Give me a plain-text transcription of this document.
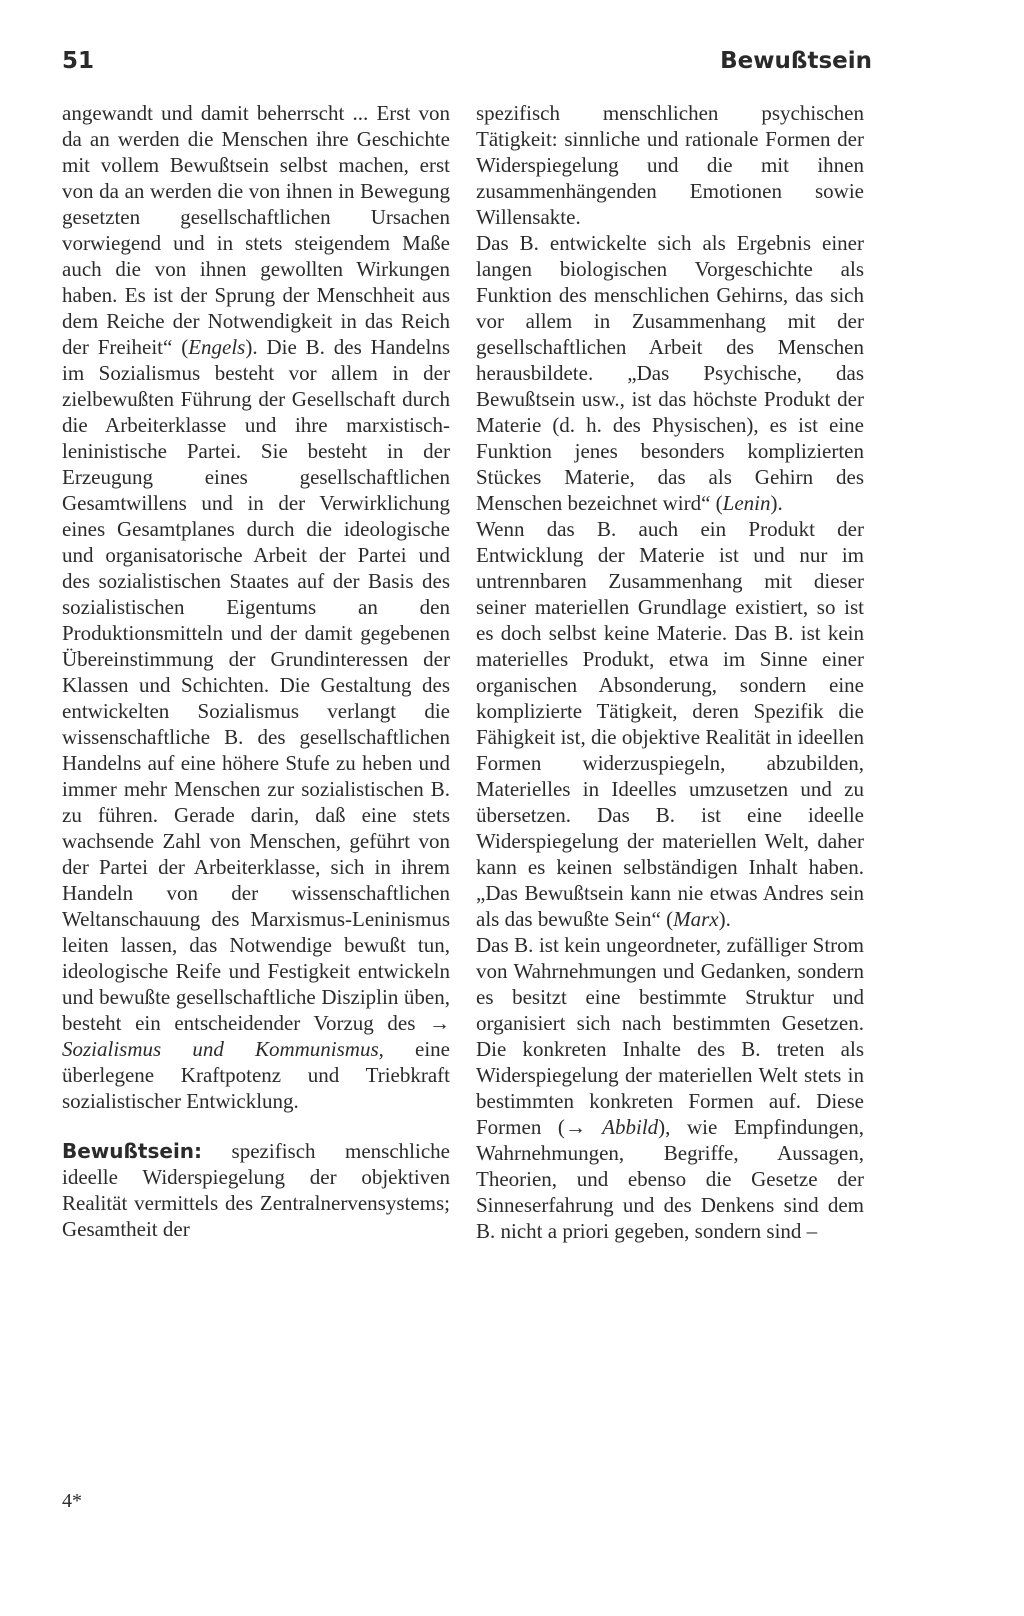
51	Bewußtsein

angewandt und damit beherrscht ... Erst von da an werden die Menschen ihre Geschichte mit vollem Bewußtsein selbst machen, erst von da an werden die von ihnen in Bewegung gesetzten gesellschaftlichen Ursachen vorwiegend und in stets steigendem Maße auch die von ihnen gewollten Wirkungen haben. Es ist der Sprung der Menschheit aus dem Reiche der Notwendigkeit in das Reich der Freiheit“ (Engels). Die B. des Handelns im Sozialismus besteht vor allem in der zielbewußten Führung der Gesellschaft durch die Arbeiterklasse und ihre marxistisch-leninistische Partei. Sie besteht in der Erzeugung eines gesellschaftlichen Gesamtwillens und in der Verwirklichung eines Gesamtplanes durch die ideologische und organisatorische Arbeit der Partei und des sozialistischen Staates auf der Basis des sozialistischen Eigentums an den Produktionsmitteln und der damit gegebenen Übereinstimmung der Grundinteressen der Klassen und Schichten. Die Gestaltung des entwickelten Sozialismus verlangt die wissenschaftliche B. des gesellschaftlichen Handelns auf eine höhere Stufe zu heben und immer mehr Menschen zur sozialistischen B. zu führen. Gerade darin, daß eine stets wachsende Zahl von Menschen, geführt von der Partei der Arbeiterklasse, sich in ihrem Handeln von der wissenschaftlichen Weltanschauung des Marxismus-Leninismus leiten lassen, das Notwendige bewußt tun, ideologische Reife und Festigkeit entwickeln und bewußte gesellschaftliche Disziplin üben, besteht ein entscheidender Vorzug des → Sozialismus und Kommunismus, eine überlegene Kraftpotenz und Triebkraft sozialistischer Entwicklung.

Bewußtsein: spezifisch menschliche ideelle Widerspiegelung der objektiven Realität vermittels des Zentralnervensystems; Gesamtheit der

spezifisch menschlichen psychischen Tätigkeit: sinnliche und rationale Formen der Widerspiegelung und die mit ihnen zusammenhängenden Emotionen sowie Willensakte.

Das B. entwickelte sich als Ergebnis einer langen biologischen Vorgeschichte als Funktion des menschlichen Gehirns, das sich vor allem in Zusammenhang mit der gesellschaftlichen Arbeit des Menschen herausbildete. „Das Psychische, das Bewußtsein usw., ist das höchste Produkt der Materie (d. h. des Physischen), es ist eine Funktion jenes besonders komplizierten Stückes Materie, das als Gehirn des Menschen bezeichnet wird“ (Lenin).

Wenn das B. auch ein Produkt der Entwicklung der Materie ist und nur im untrennbaren Zusammenhang mit dieser seiner materiellen Grundlage existiert, so ist es doch selbst keine Materie. Das B. ist kein materielles Produkt, etwa im Sinne einer organischen Absonderung, sondern eine komplizierte Tätigkeit, deren Spezifik die Fähigkeit ist, die objektive Realität in ideellen Formen widerzuspiegeln, abzubilden, Materielles in Ideelles umzusetzen und zu übersetzen. Das B. ist eine ideelle Widerspiegelung der materiellen Welt, daher kann es keinen selbständigen Inhalt haben. „Das Bewußtsein kann nie etwas Andres sein als das bewußte Sein“ (Marx).

Das B. ist kein ungeordneter, zufälliger Strom von Wahrnehmungen und Gedanken, sondern es besitzt eine bestimmte Struktur und organisiert sich nach bestimmten Gesetzen. Die konkreten Inhalte des B. treten als Widerspiegelung der materiellen Welt stets in bestimmten konkreten Formen auf. Diese Formen (→ Abbild), wie Empfindungen, Wahrnehmungen, Begriffe, Aussagen, Theorien, und ebenso die Gesetze der Sinneserfahrung und des Denkens sind dem B. nicht a priori gegeben, sondern sind –

4*
